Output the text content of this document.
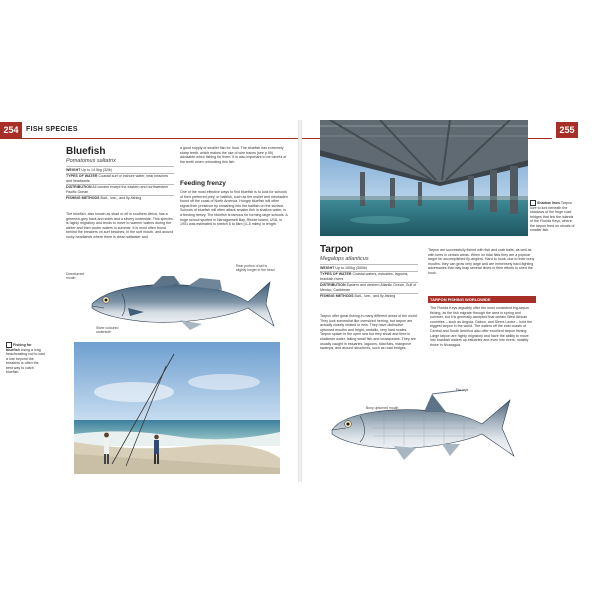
254	FISH SPECIES
Bluefish
Pomatomus saltatrix
WEIGHT Up to 14.5kg (32lb)
TYPES OF WATER Coastal surf or inshore water, near beaches and headlands
DISTRIBUTION All oceans except the eastern and northwestern Pacific Ocean
FISHING METHODS Bait-, lure-, and fly-fishing
The bluefish, also known as shad or elf in southern Africa, has a greenish-grey back and sides and a silvery underside. This species is highly migratory and tends to move to warmer waters during the winter and then cooler waters in summer. It is most often found behind the breakers on surf beaches, in the surf mouth, and around rocky headlands where there is clean saltwater and
a good supply of smaller fish for food. The bluefish has extremely sharp teeth, which makes the use of wire traces (see p.59) advisable when fishing for them. It is also important to be careful of the teeth when unhooking this fish.
Feeding frenzy
One of the most effective ways to find bluefish is to look for schools of their preferred prey, or baitfish, such as the mullet and menhaden found off the coast of North America. Hungry bluefish will often signal their presence by smashing into the baitfish on the surface. Schools of bluefish will often attack smaller fish in shallow water, in a feeding frenzy. The bluefish is famous for forming large schools. A huge school spotted in Narragansett Bay, Rhode Island, USA, in 1901 was estimated to stretch 6 to 8km (4–5 miles) in length.
Downturned mouth
Rear portion of tail is slightly longer in the head
Silver coloured underside
Fishing for bluefish Using a long beachcasting rod to cast a lure beyond the breakers is often the best way to catch bluefish.
255
Shadow lines Tarpon love to lurk beneath the shadows of the huge road bridges that link the islands of the Florida Keys, where the tarpon feed on shoals of smaller fish.
Tarpon
Megalops atlanticus
WEIGHT Up to 160kg (350lb)
TYPES OF WATER Coastal waters, estuaries, lagoons, brackish rivers
DISTRIBUTION Eastern and western Atlantic Ocean, Gulf of Mexico, Caribbean
FISHING METHODS Bait-, lure-, and fly-fishing
Tarpon offer great fishing in many different areas of the world. They look somewhat like oversized herring, but tarpon are actually closely related to eels. They have distinctive upturned mouths and bright, metallic, very hard scales. Tarpon spawn in the open sea but they shoal and feed in shallower water, taking small fish and crustaceans. They are usually caught in estuaries, lagoons, tidal flats, mangrove swamps, and around structures, such as road bridges.
Tarpon are successfully fished with fish and crab baits, as well as with lures in certain areas. When on tidal flats they are a popular target for accomplished fly-anglers. Hard to hook, due to their bony mouths, they can grow very large and are immensely hard-fighting adversaries that may leap several times in their efforts to shed the hook.
TARPON FISHING WORLDWIDE
The Florida Keys arguably offer the most consistent big-tarpon fishing, as the fish migrate through the area in spring and summer, but it is generally accepted that certain West African countries – such as Angola, Gabon, and Sierra Leone – hold the biggest tarpon in the world. The waters off the east coasts of Central and South America also offer excellent tarpon fishing. Large tarpon are highly migratory and have the ability to move into brackish waters up estuaries and even into rivers, notably those in Nicaragua.
Bony upturned mouth
Fin-rays
